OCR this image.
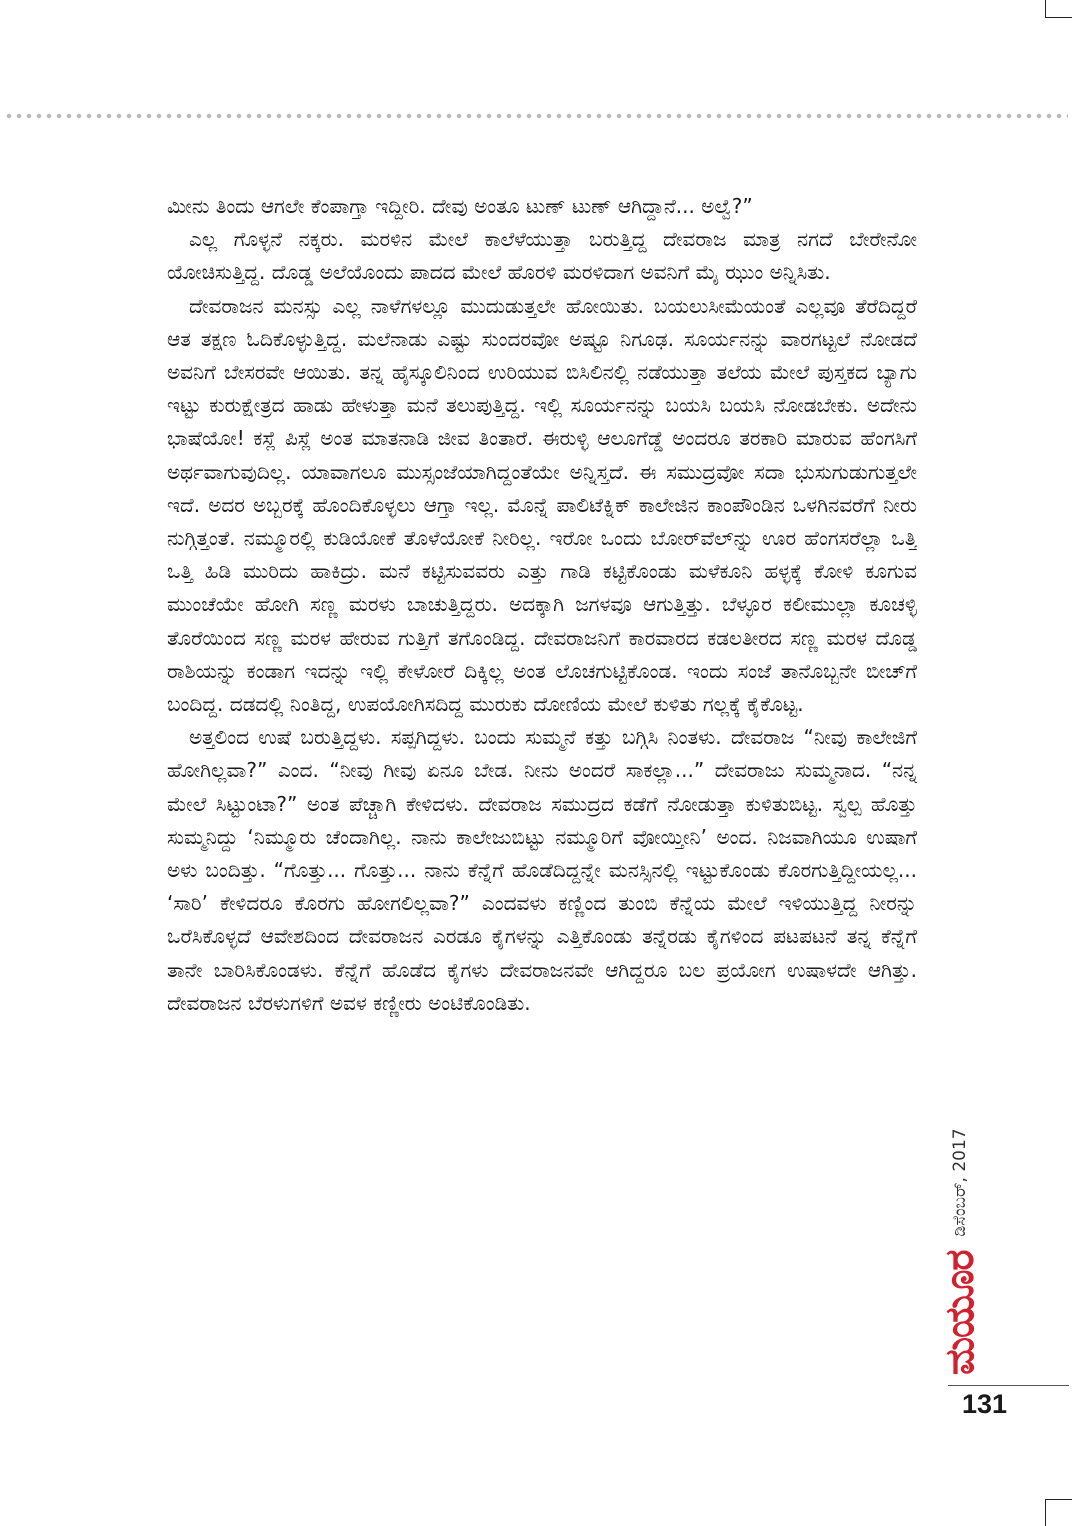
ಮೀನು ತಿಂದು ಆಗಲೇ ಕೆಂಪಾಗ್ತಾ ಇದ್ದೀರಿ. ದೇವು ಅಂತೂ ಟುಣ್ ಟುಣ್ ಆಗಿದ್ದಾನೆ... ಅಲ್ವೆ?”

ಎಲ್ಲ ಗೊಳ್ಳನೆ ನಕ್ಕರು. ಮರಳಿನ ಮೇಲೆ ಕಾಲೆಳೆಯುತ್ತಾ ಬರುತ್ತಿದ್ದ ದೇವರಾಜ ಮಾತ್ರ ನಗದೆ ಬೇರೇನೋ ಯೋಚಿಸುತ್ತಿದ್ದ. ದೊಡ್ಡ ಅಲೆಯೊಂದು ಪಾದದ ಮೇಲೆ ಹೊರಳಿ ಮರಳಿದಾಗ ಅವನಿಗೆ ಮೈ ಝುಂ ಅನ್ನಿಸಿತು.

ದೇವರಾಜನ ಮನಸ್ಸು ಎಲ್ಲ ನಾಳೆಗಳಲ್ಲೂ ಮುದುಡುತ್ತಲೇ ಹೋಯಿತು. ಬಯಲುಸೀಮೆಯಂತೆ ಎಲ್ಲವೂ ತೆರೆದಿದ್ದರೆ ಆತ ತಕ್ಷಣ ಓದಿಕೊಳ್ಳುತ್ತಿದ್ದ. ಮಲೆನಾಡು ಎಷ್ಟು ಸುಂದರವೋ ಅಷ್ಟೂ ನಿಗೂಢ. ಸೂರ್ಯನನ್ನು ವಾರಗಟ್ಟಲೆ ನೋಡದೆ ಅವನಿಗೆ ಬೇಸರವೇ ಆಯಿತು. ತನ್ನ ಹೈಸ್ಕೂಲಿನಿಂದ ಉರಿಯುವ ಬಿಸಿಲಿನಲ್ಲಿ ನಡೆಯುತ್ತಾ ತಲೆಯ ಮೇಲೆ ಪುಸ್ತಕದ ಬ್ಯಾಗು ಇಟ್ಟು ಕುರುಕ್ಷೇತ್ರದ ಹಾಡು ಹೇಳುತ್ತಾ ಮನೆ ತಲುಪುತ್ತಿದ್ದ. ಇಲ್ಲಿ ಸೂರ್ಯನನ್ನು ಬಯಸಿ ಬಯಸಿ ನೋಡಬೇಕು. ಅದೇನು ಭಾಷೆಯೋ! ಕಸ್ಲೆ ಪಿಸ್ಲೆ ಅಂತ ಮಾತನಾಡಿ ಜೀವ ತಿಂತಾರೆ. ಈರುಳ್ಳಿ ಆಲೂಗೆಡ್ಡೆ ಅಂದರೂ ತರಕಾರಿ ಮಾರುವ ಹೆಂಗಸಿಗೆ ಅರ್ಥವಾಗುವುದಿಲ್ಲ. ಯಾವಾಗಲೂ ಮುಸ್ಸಂಜೆಯಾಗಿದ್ದಂತೆಯೇ ಅನ್ನಿಸ್ತದೆ. ಈ ಸಮುದ್ರವೋ ಸದಾ ಭುಸುಗುಡುಗುತ್ತಲೇ ಇದೆ. ಅದರ ಅಬ್ಬರಕ್ಕೆ ಹೊಂದಿಕೊಳ್ಳಲು ಆಗ್ತಾ ಇಲ್ಲ. ಮೊನ್ನೆ ಪಾಲಿಟೆಕ್ನಿಕ್ ಕಾಲೇಜಿನ ಕಾಂಪೌಂಡಿನ ಒಳಗಿನವರೆಗೆ ನೀರು ನುಗ್ಗಿತ್ತಂತೆ. ನಮ್ಮೂರಲ್ಲಿ ಕುಡಿಯೋಕೆ ತೊಳೆಯೋಕೆ ನೀರಿಲ್ಲ. ಇರೋ ಒಂದು ಬೋರ್‌ವೆಲ್‌ನ್ನು ಊರ ಹೆಂಗಸರೆಲ್ಲಾ ಒತ್ತಿ ಒತ್ತಿ ಹಿಡಿ ಮುರಿದು ಹಾಕಿದ್ರು. ಮನೆ ಕಟ್ಟಿಸುವವರು ಎತ್ತು ಗಾಡಿ ಕಟ್ಟಿಕೊಂಡು ಮಳೆಕೂನಿ ಹಳ್ಳಕ್ಕೆ ಕೋಳಿ ಕೂಗುವ ಮುಂಚೆಯೇ ಹೋಗಿ ಸಣ್ಣ ಮರಳು ಬಾಚುತ್ತಿದ್ದರು. ಅದಕ್ಕಾಗಿ ಜಗಳವೂ ಆಗುತ್ತಿತ್ತು. ಬೆಳ್ಳೂರ ಕಲೀಮುಲ್ಲಾ ಕೂಚಳ್ಳಿ ತೊರೆಯಿಂದ ಸಣ್ಣ ಮರಳ ಹೇರುವ ಗುತ್ತಿಗೆ ತಗೊಂಡಿದ್ದ. ದೇವರಾಜನಿಗೆ ಕಾರವಾರದ ಕಡಲತೀರದ ಸಣ್ಣ ಮರಳ ದೊಡ್ಡ ರಾಶಿಯನ್ನು ಕಂಡಾಗ ಇದನ್ನು ಇಲ್ಲಿ ಕೇಳೋರೆ ದಿಕ್ಕಿಲ್ಲ ಅಂತ ಲೊಚಗುಟ್ಟಿಕೊಂಡ. ಇಂದು ಸಂಜೆ ತಾನೊಬ್ಬನೇ ಬೀಚ್‌ಗೆ ಬಂದಿದ್ದ. ದಡದಲ್ಲಿ ನಿಂತಿದ್ದ, ಉಪಯೋಗಿಸದಿದ್ದ ಮುರುಕು ದೋಣಿಯ ಮೇಲೆ ಕುಳಿತು ಗಲ್ಲಕ್ಕೆ ಕೈಕೊಟ್ಟ.

ಅತ್ತಲಿಂದ ಉಷೆ ಬರುತ್ತಿದ್ದಳು. ಸಪ್ಪಗಿದ್ದಳು. ಬಂದು ಸುಮ್ಮನೆ ಕತ್ತು ಬಗ್ಗಿಸಿ ನಿಂತಳು. ದೇವರಾಜ “ನೀವು ಕಾಲೇಜಿಗೆ ಹೋಗಿಲ್ಲವಾ?” ಎಂದ. “ನೀವು ಗೀವು ಏನೂ ಬೇಡ. ನೀನು ಅಂದರೆ ಸಾಕಲ್ಲಾ...” ದೇವರಾಜು ಸುಮ್ಮನಾದ. “ನನ್ನ ಮೇಲೆ ಸಿಟ್ಟುಂಟಾ?” ಅಂತ ಪೆಚ್ಚಾಗಿ ಕೇಳಿದಳು. ದೇವರಾಜ ಸಮುದ್ರದ ಕಡೆಗೆ ನೋಡುತ್ತಾ ಕುಳಿತುಬಿಟ್ಟ. ಸ್ವಲ್ಪ ಹೊತ್ತು ಸುಮ್ಮನಿದ್ದು ‘ನಿಮ್ಮೂರು ಚೆಂದಾಗಿಲ್ಲ. ನಾನು ಕಾಲೇಜುಬಿಟ್ಟು ನಮ್ಮೂರಿಗೆ ವೋಯ್ತೀನಿ’ ಅಂದ. ನಿಜವಾಗಿಯೂ ಉಷಾಗೆ ಅಳು ಬಂದಿತ್ತು. “ಗೊತ್ತು... ಗೊತ್ತು... ನಾನು ಕೆನ್ನೆಗೆ ಹೊಡೆದಿದ್ದನ್ನೇ ಮನಸ್ಸಿನಲ್ಲಿ ಇಟ್ಟುಕೊಂಡು ಕೊರಗುತ್ತಿದ್ದೀಯಲ್ಲ... ‘ಸಾರಿ’ ಕೇಳಿದರೂ ಕೊರಗು ಹೋಗಲಿಲ್ಲವಾ?” ಎಂದವಳು ಕಣ್ಣಿಂದ ತುಂಬಿ ಕೆನ್ನೆಯ ಮೇಲೆ ಇಳಿಯುತ್ತಿದ್ದ ನೀರನ್ನು ಒರೆಸಿಕೊಳ್ಳದೆ ಆವೇಶದಿಂದ ದೇವರಾಜನ ಎರಡೂ ಕೈಗಳನ್ನು ಎತ್ತಿಕೊಂಡು ತನ್ನೆರಡು ಕೈಗಳಿಂದ ಪಟಪಟನೆ ತನ್ನ ಕೆನ್ನೆಗೆ ತಾನೇ ಬಾರಿಸಿಕೊಂಡಳು. ಕೆನ್ನೆಗೆ ಹೊಡೆದ ಕೈಗಳು ದೇವರಾಜನವೇ ಆಗಿದ್ದರೂ ಬಲ ಪ್ರಯೋಗ ಉಷಾಳದೇ ಆಗಿತ್ತು. ದೇವರಾಜನ ಬೆರಳುಗಳಿಗೆ ಅವಳ ಕಣ್ಣೀರು ಅಂಟಿಕೊಂಡಿತು.

ಮಯೂರ
ಡಿಸೆಂಬರ್, 2017
131
